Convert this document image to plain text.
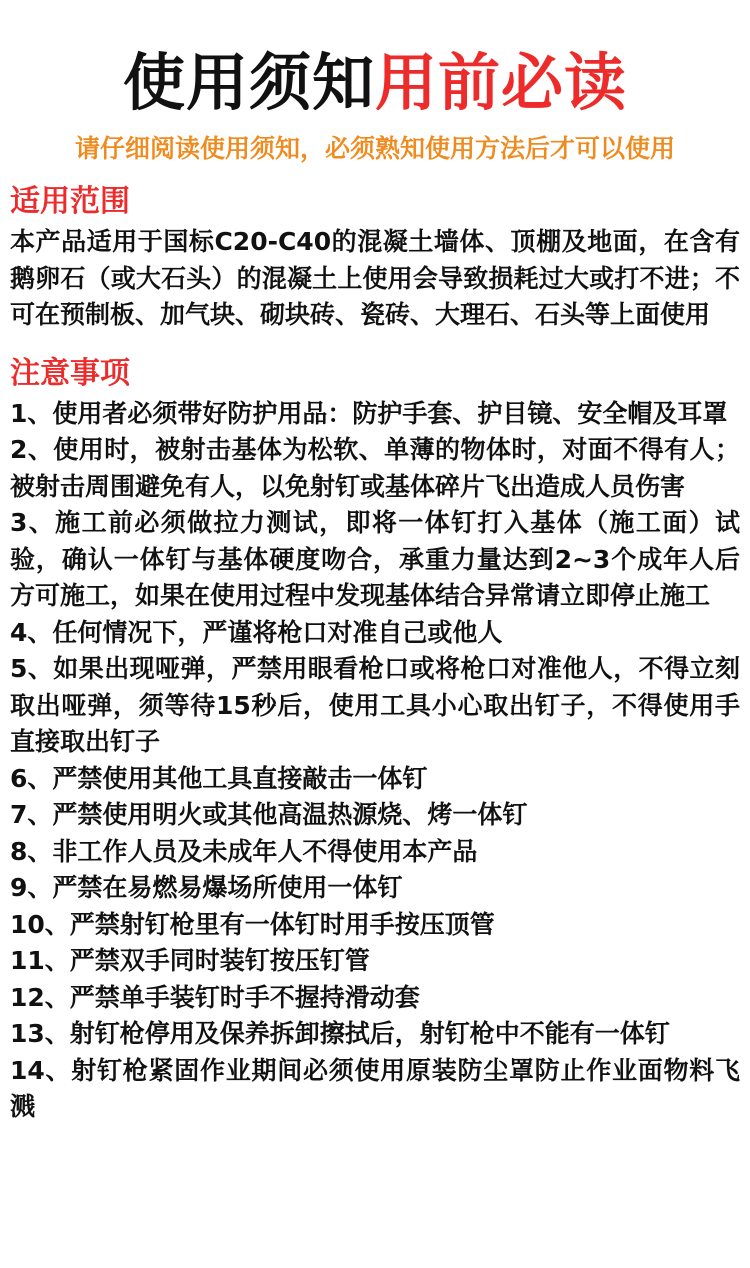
使用须知用前必读

请仔细阅读使用须知，必须熟知使用方法后才可以使用

适用范围

本产品适用于国标C20-C40的混凝土墙体、顶棚及地面，在含有鹅卵石（或大石头）的混凝土上使用会导致损耗过大或打不进；不可在预制板、加气块、砌块砖、瓷砖、大理石、石头等上面使用

注意事项
1、使用者必须带好防护用品：防护手套、护目镜、安全帽及耳罩
2、使用时，被射击基体为松软、单薄的物体时，对面不得有人；被射击周围避免有人，以免射钉或基体碎片飞出造成人员伤害
3、施工前必须做拉力测试，即将一体钉打入基体（施工面）试验，确认一体钉与基体硬度吻合，承重力量达到2~3个成年人后方可施工，如果在使用过程中发现基体结合异常请立即停止施工
4、任何情况下，严谨将枪口对准自己或他人
5、如果出现哑弹，严禁用眼看枪口或将枪口对准他人，不得立刻取出哑弹，须等待15秒后，使用工具小心取出钉子，不得使用手直接取出钉子
6、严禁使用其他工具直接敲击一体钉
7、严禁使用明火或其他高温热源烧、烤一体钉
8、非工作人员及未成年人不得使用本产品
9、严禁在易燃易爆场所使用一体钉
10、严禁射钉枪里有一体钉时用手按压顶管
11、严禁双手同时装钉按压钉管
12、严禁单手装钉时手不握持滑动套
13、射钉枪停用及保养拆卸擦拭后，射钉枪中不能有一体钉
14、射钉枪紧固作业期间必须使用原装防尘罩防止作业面物料飞溅
